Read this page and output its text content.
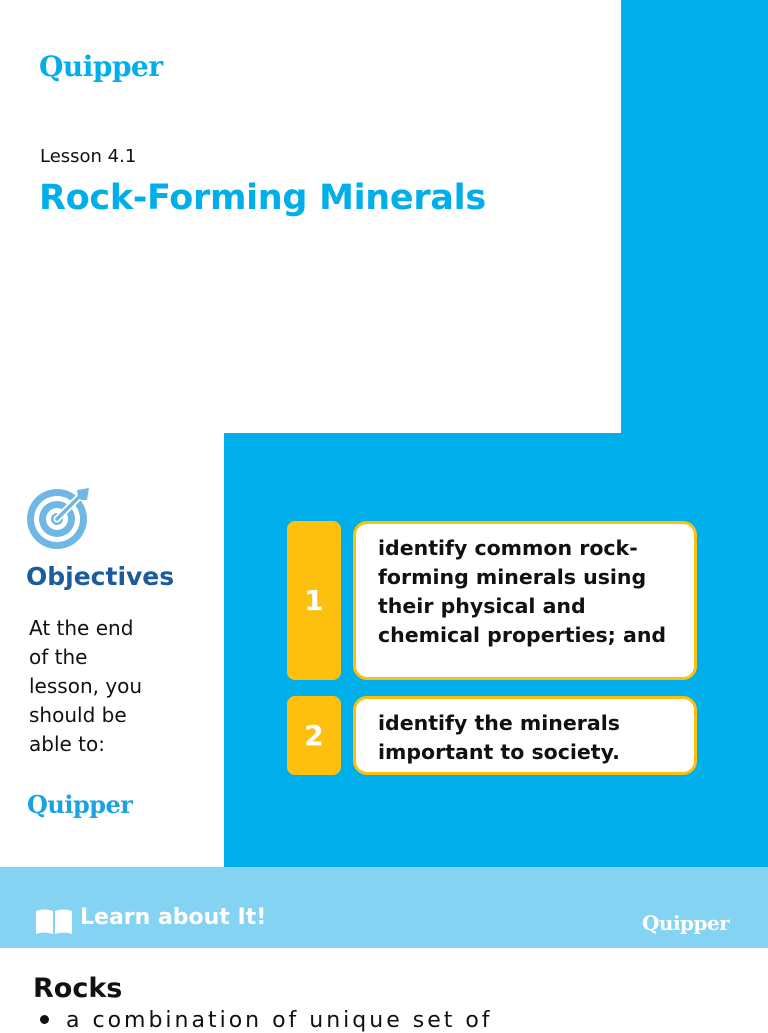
Quipper
Lesson 4.1
Rock-Forming Minerals
Objectives

At the end
of the
lesson, you
should be
able to:

Quipper
1
identify common rock-forming minerals using their physical and chemical properties; and
2	identify the minerals important to society.
Learn about It!	Quipper
Rocks
a combination of unique set of
